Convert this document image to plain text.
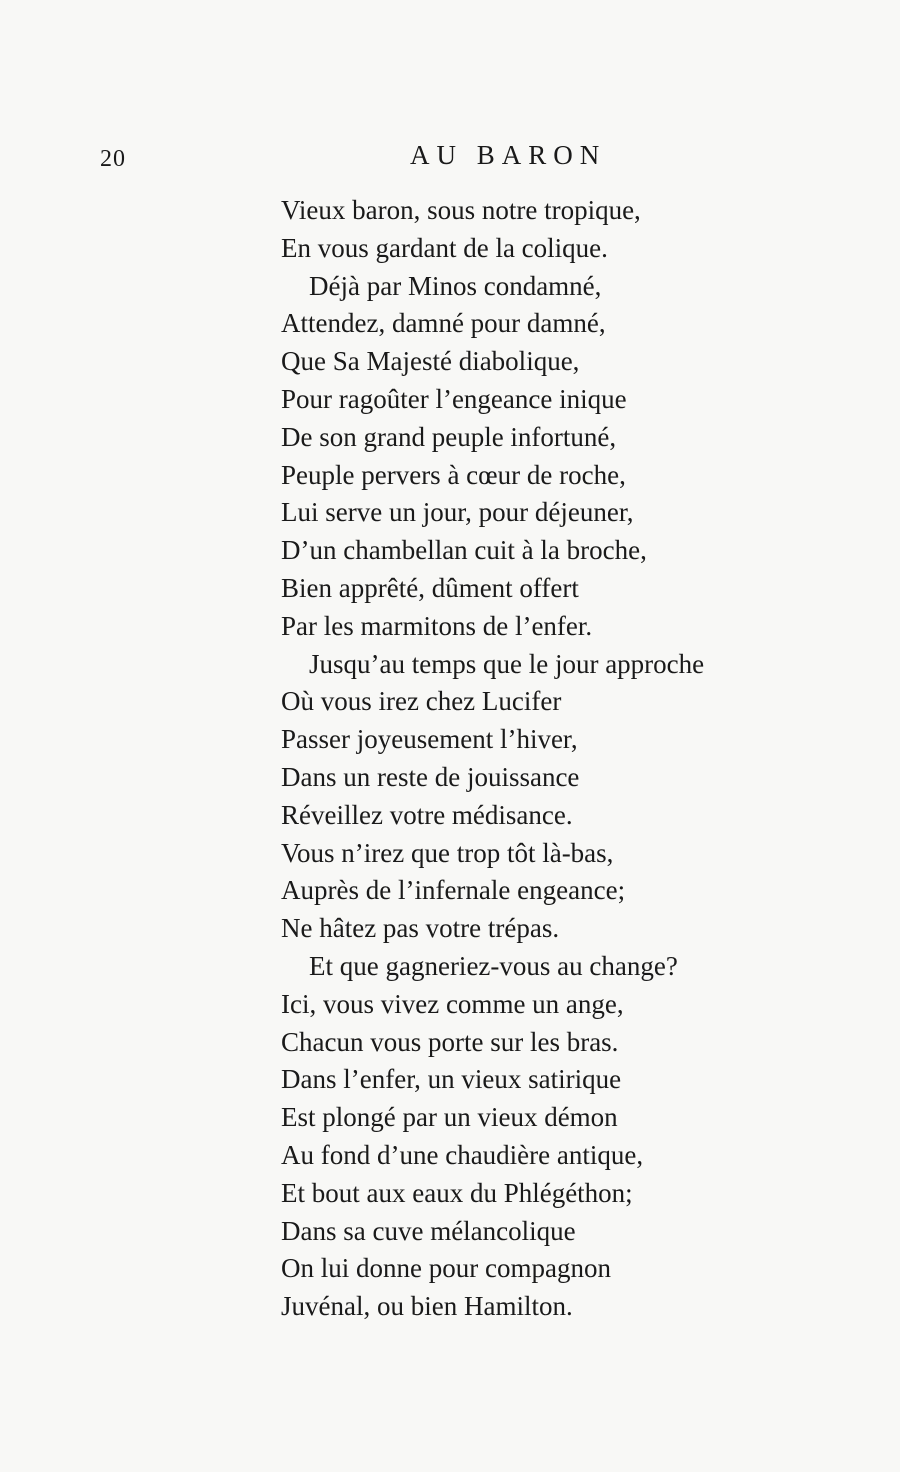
20	AU BARON
Vieux baron, sous notre tropique,
En vous gardant de la colique.
Déjà par Minos condamné,
Attendez, damné pour damné,
Que Sa Majesté diabolique,
Pour ragoûter l’engeance inique
De son grand peuple infortuné,
Peuple pervers à cœur de roche,
Lui serve un jour, pour déjeuner,
D’un chambellan cuit à la broche,
Bien apprêté, dûment offert
Par les marmitons de l’enfer.
Jusqu’au temps que le jour approche
Où vous irez chez Lucifer
Passer joyeusement l’hiver,
Dans un reste de jouissance
Réveillez votre médisance.
Vous n’irez que trop tôt là-bas,
Auprès de l’infernale engeance;
Ne hâtez pas votre trépas.
Et que gagneriez-vous au change?
Ici, vous vivez comme un ange,
Chacun vous porte sur les bras.
Dans l’enfer, un vieux satirique
Est plongé par un vieux démon
Au fond d’une chaudière antique,
Et bout aux eaux du Phlégéthon;
Dans sa cuve mélancolique
On lui donne pour compagnon
Juvénal, ou bien Hamilton.
